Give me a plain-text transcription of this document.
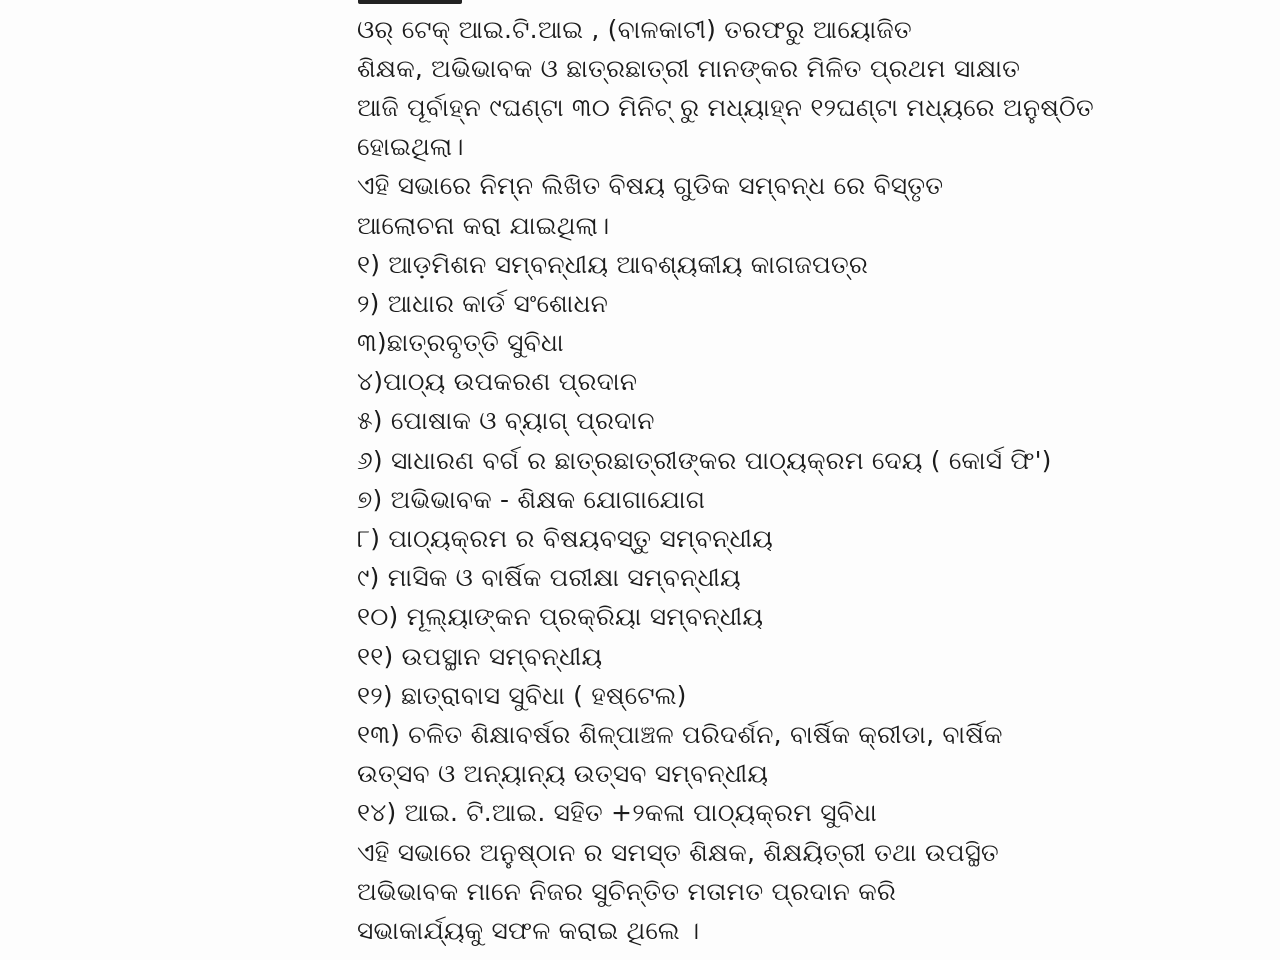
ଓର୍ ଟେକ୍ ଆଇ.ଟି.ଆଇ , (ବାଳକାଟୀ) ତରଫରୁ ଆୟୋଜିତ
ଶିକ୍ଷକ, ଅଭିଭାବକ ଓ ଛାତ୍ରଛାତ୍ରୀ ମାନଙ୍କର ମିଳିତ ପ୍ରଥମ ସାକ୍ଷାତ
ଆଜି ପୂର୍ବାହ୍ନ ୯ଘଣ୍ଟା ୩୦ ମିନିଟ୍ ରୁ ମଧ୍ୟାହ୍ନ ୧୨ଘଣ୍ଟା ମଧ୍ୟରେ ଅନୁଷ୍ଠିତ
ହୋଇଥିଲା।
ଏହି ସଭାରେ ନିମ୍ନ ଲିଖିତ ବିଷୟ ଗୁଡିକ ସମ୍ବନ୍ଧ ରେ ବିସ୍ତୃତ
ଆଲୋଚନା କରା ଯାଇଥିଲା।
୧) ଆଡ଼ମିଶନ ସମ୍ବନ୍ଧୀୟ ଆବଶ୍ୟକୀୟ କାଗଜପତ୍ର
୨) ଆଧାର କାର୍ଡ ସଂଶୋଧନ
୩)ଛାତ୍ରବୃତ୍ତି ସୁବିଧା
୪)ପାଠ୍ୟ ଉପକରଣ ପ୍ରଦାନ
୫) ପୋଷାକ ଓ ବ୍ୟାଗ୍ ପ୍ରଦାନ
୬) ସାଧାରଣ ବର୍ଗ ର ଛାତ୍ରଛାତ୍ରୀଙ୍କର ପାଠ୍ୟକ୍ରମ ଦେୟ ( କୋର୍ସ ଫି')
୭) ଅଭିଭାବକ - ଶିକ୍ଷକ ଯୋଗାଯୋଗ
୮) ପାଠ୍ୟକ୍ରମ ର ବିଷୟବସ୍ତୁ ସମ୍ବନ୍ଧୀୟ
୯) ମାସିକ ଓ ବାର୍ଷିକ ପରୀକ୍ଷା ସମ୍ବନ୍ଧୀୟ
୧୦) ମୂଲ୍ୟାଙ୍କନ ପ୍ରକ୍ରିୟା ସମ୍ବନ୍ଧୀୟ
୧୧) ଉପସ୍ଥାନ ସମ୍ବନ୍ଧୀୟ
୧୨) ଛାତ୍ରାବାସ ସୁବିଧା ( ହଷ୍ଟେଲ)
୧୩) ଚଳିତ ଶିକ୍ଷାବର୍ଷର ଶିଳ୍ପାଞ୍ଚଳ ପରିଦର୍ଶନ, ବାର୍ଷିକ କ୍ରୀଡା, ବାର୍ଷିକ
ଉତ୍ସବ ଓ ଅନ୍ୟାନ୍ୟ ଉତ୍ସବ ସମ୍ବନ୍ଧୀୟ
୧୪) ଆଇ. ଟି.ଆଇ. ସହିତ +୨କଳା ପାଠ୍ୟକ୍ରମ ସୁବିଧା
ଏହି ସଭାରେ ଅନୁଷ୍ଠାନ ର ସମସ୍ତ ଶିକ୍ଷକ, ଶିକ୍ଷୟିତ୍ରୀ ତଥା ଉପସ୍ଥିତ
ଅଭିଭାବକ ମାନେ ନିଜର ସୁଚିନ୍ତିତ ମତାମତ ପ୍ରଦାନ କରି
ସଭାକାର୍ଯ୍ୟକୁ ସଫଳ କରାଇ ଥିଲେ ।
